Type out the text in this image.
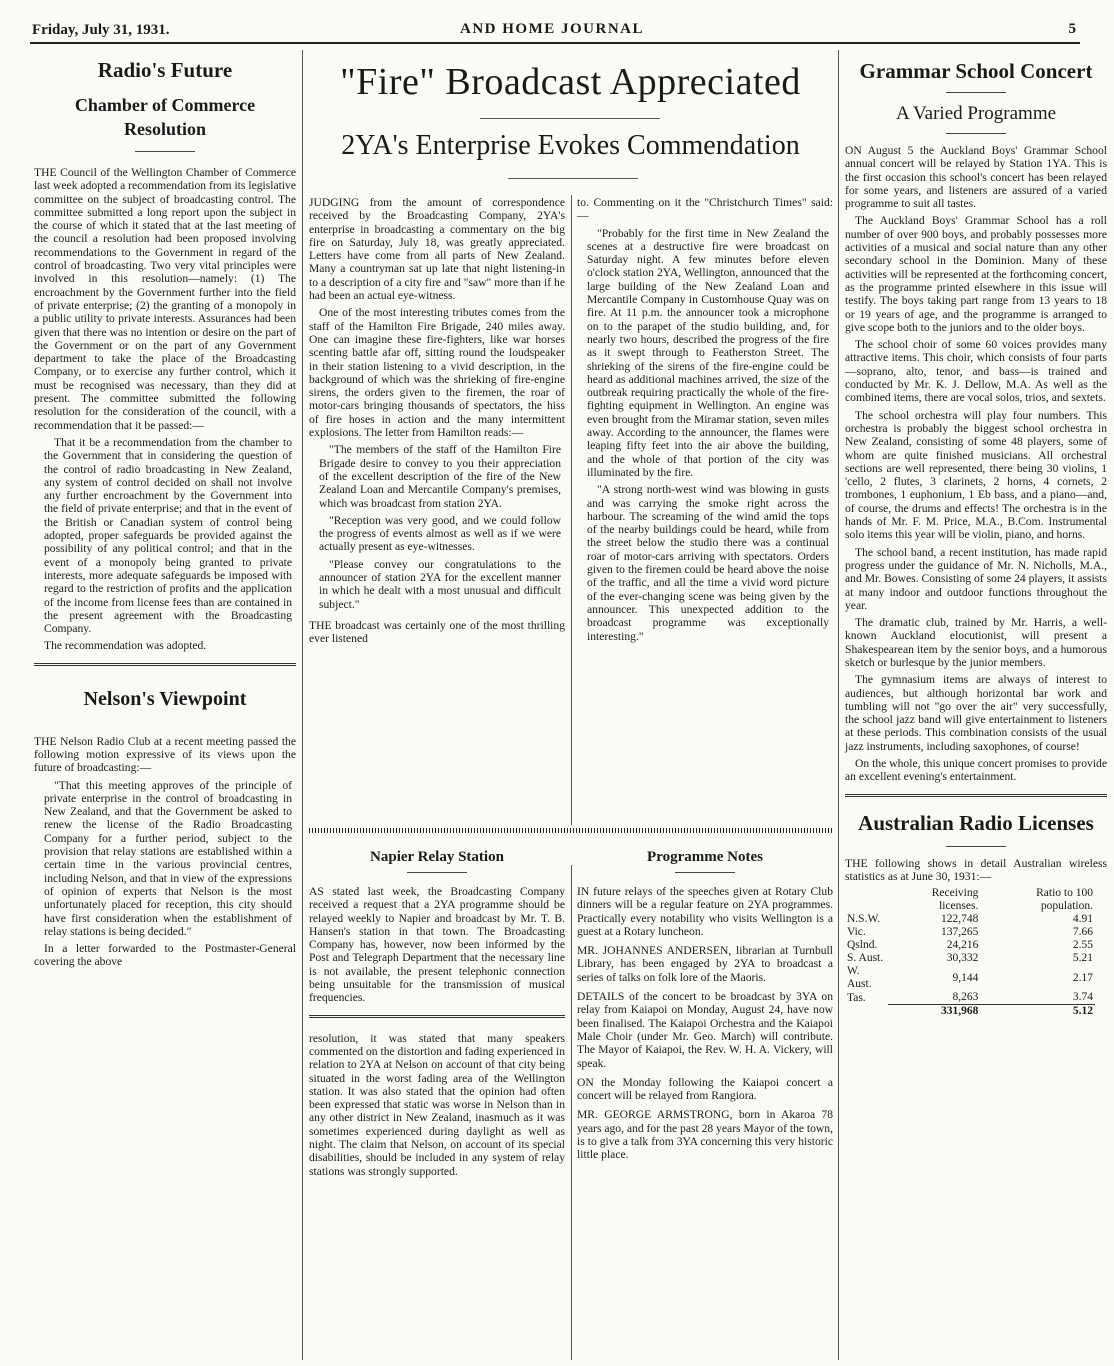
Friday, July 31, 1931.	AND HOME JOURNAL	5
Radio's Future
Chamber of Commerce Resolution

THE Council of the Wellington Chamber of Commerce last week adopted a recommendation from its legislative committee on the subject of broadcasting control. The committee submitted a long report upon the subject in the course of which it stated that at the last meeting of the council a resolution had been proposed involving recommendations to the Government in regard of the control of broadcasting. Two very vital principles were involved in this resolution—namely: (1) The encroachment by the Government further into the field of private enterprise; (2) the granting of a monopoly in a public utility to private interests. Assurances had been given that there was no intention or desire on the part of the Government or on the part of any Government department to take the place of the Broadcasting Company, or to exercise any further control, which it must be recognised was necessary, than they did at present. The committee submitted the following resolution for the consideration of the council, with a recommendation that it be passed:—

That it be a recommendation from the chamber to the Government that in considering the question of the control of radio broadcasting in New Zealand, any system of control decided on shall not involve any further encroachment by the Government into the field of private enterprise; and that in the event of the British or Canadian system of control being adopted, proper safeguards be provided against the possibility of any political control; and that in the event of a monopoly being granted to private interests, more adequate safeguards be imposed with regard to the restriction of profits and the application of the income from license fees than are contained in the present agreement with the Broadcasting Company.

The recommendation was adopted.

Nelson's Viewpoint

THE Nelson Radio Club at a recent meeting passed the following motion expressive of its views upon the future of broadcasting:—

"That this meeting approves of the principle of private enterprise in the control of broadcasting in New Zealand, and that the Government be asked to renew the license of the Radio Broadcasting Company for a further period, subject to the provision that relay stations are established within a certain time in the various provincial centres, including Nelson, and that in view of the expressions of opinion of experts that Nelson is the most unfortunately placed for reception, this city should have first consideration when the establishment of relay stations is being decided."

In a letter forwarded to the Postmaster-General covering the above

"Fire" Broadcast Appreciated
2YA's Enterprise Evokes Commendation

JUDGING from the amount of correspondence received by the Broadcasting Company, 2YA's enterprise in broadcasting a commentary on the big fire on Saturday, July 18, was greatly appreciated. Letters have come from all parts of New Zealand. Many a countryman sat up late that night listening-in to a description of a city fire and "saw" more than if he had been an actual eye-witness.

One of the most interesting tributes comes from the staff of the Hamilton Fire Brigade, 240 miles away. One can imagine these fire-fighters, like war horses scenting battle afar off, sitting round the loudspeaker in their station listening to a vivid description, in the background of which was the shrieking of fire-engine sirens, the orders given to the firemen, the roar of motor-cars bringing thousands of spectators, the hiss of fire hoses in action and the many intermittent explosions. The letter from Hamilton reads:—

"The members of the staff of the Hamilton Fire Brigade desire to convey to you their appreciation of the excellent description of the fire of the New Zealand Loan and Mercantile Company's premises, which was broadcast from station 2YA.

"Reception was very good, and we could follow the progress of events almost as well as if we were actually present as eye-witnesses.

"Please convey our congratulations to the announcer of station 2YA for the excellent manner in which he dealt with a most unusual and difficult subject."

THE broadcast was certainly one of the most thrilling ever listened

to. Commenting on it the "Christchurch Times" said:—

"Probably for the first time in New Zealand the scenes at a destructive fire were broadcast on Saturday night. A few minutes before eleven o'clock station 2YA, Wellington, announced that the large building of the New Zealand Loan and Mercantile Company in Customhouse Quay was on fire. At 11 p.m. the announcer took a microphone on to the parapet of the studio building, and, for nearly two hours, described the progress of the fire as it swept through to Featherston Street. The shrieking of the sirens of the fire-engine could be heard as additional machines arrived, the size of the outbreak requiring practically the whole of the fire-fighting equipment in Wellington. An engine was even brought from the Miramar station, seven miles away. According to the announcer, the flames were leaping fifty feet into the air above the building, and the whole of that portion of the city was illuminated by the fire.

"A strong north-west wind was blowing in gusts and was carrying the smoke right across the harbour. The screaming of the wind amid the tops of the nearby buildings could be heard, while from the street below the studio there was a continual roar of motor-cars arriving with spectators. Orders given to the firemen could be heard above the noise of the traffic, and all the time a vivid word picture of the ever-changing scene was being given by the announcer. This unexpected addition to the broadcast programme was exceptionally interesting."

Napier Relay Station

AS stated last week, the Broadcasting Company received a request that a 2YA programme should be relayed weekly to Napier and broadcast by Mr. T. B. Hansen's station in that town. The Broadcasting Company has, however, now been informed by the Post and Telegraph Department that the necessary line is not available, the present telephonic connection being unsuitable for the transmission of musical frequencies.

resolution, it was stated that many speakers commented on the distortion and fading experienced in relation to 2YA at Nelson on account of that city being situated in the worst fading area of the Wellington station. It was also stated that the opinion had often been expressed that static was worse in Nelson than in any other district in New Zealand, inasmuch as it was sometimes experienced during daylight as well as night. The claim that Nelson, on account of its special disabilities, should be included in any system of relay stations was strongly supported.

Programme Notes

IN future relays of the speeches given at Rotary Club dinners will be a regular feature on 2YA programmes. Practically every notability who visits Wellington is a guest at a Rotary luncheon.

MR. JOHANNES ANDERSEN, librarian at Turnbull Library, has been engaged by 2YA to broadcast a series of talks on folk lore of the Maoris.

DETAILS of the concert to be broadcast by 3YA on relay from Kaiapoi on Monday, August 24, have now been finalised. The Kaiapoi Orchestra and the Kaiapoi Male Choir (under Mr. Geo. March) will contribute. The Mayor of Kaiapoi, the Rev. W. H. A. Vickery, will speak.

ON the Monday following the Kaiapoi concert a concert will be relayed from Rangiora.

MR. GEORGE ARMSTRONG, born in Akaroa 78 years ago, and for the past 28 years Mayor of the town, is to give a talk from 3YA concerning this very historic little place.

Grammar School Concert
A Varied Programme

ON August 5 the Auckland Boys' Grammar School annual concert will be relayed by Station 1YA. This is the first occasion this school's concert has been relayed for some years, and listeners are assured of a varied programme to suit all tastes.

The Auckland Boys' Grammar School has a roll number of over 900 boys, and probably possesses more activities of a musical and social nature than any other secondary school in the Dominion. Many of these activities will be represented at the forthcoming concert, as the programme printed elsewhere in this issue will testify. The boys taking part range from 13 years to 18 or 19 years of age, and the programme is arranged to give scope both to the juniors and to the older boys.

The school choir of some 60 voices provides many attractive items. This choir, which consists of four parts—soprano, alto, tenor, and bass—is trained and conducted by Mr. K. J. Dellow, M.A. As well as the combined items, there are vocal solos, trios, and sextets.

The school orchestra will play four numbers. This orchestra is probably the biggest school orchestra in New Zealand, consisting of some 48 players, some of whom are quite finished musicians. All orchestral sections are well represented, there being 30 violins, 1 'cello, 2 flutes, 3 clarinets, 2 horns, 4 cornets, 2 trombones, 1 euphonium, 1 Eb bass, and a piano—and, of course, the drums and effects! The orchestra is in the hands of Mr. F. M. Price, M.A., B.Com. Instrumental solo items this year will be violin, piano, and horns.

The school band, a recent institution, has made rapid progress under the guidance of Mr. N. Nicholls, M.A., and Mr. Bowes. Consisting of some 24 players, it assists at many indoor and outdoor functions throughout the year.

The dramatic club, trained by Mr. Harris, a well-known Auckland elocutionist, will present a Shakespearean item by the senior boys, and a humorous sketch or burlesque by the junior members.

The gymnasium items are always of interest to audiences, but although horizontal bar work and tumbling will not "go over the air" very successfully, the school jazz band will give entertainment to listeners at these periods. This combination consists of the usual jazz instruments, including saxophones, of course!

On the whole, this unique concert promises to provide an excellent evening's entertainment.

Australian Radio Licenses

THE following shows in detail Australian wireless statistics as at June 30, 1931:—

	Receiving licenses.	Ratio to 100 population.
N.S.W.	122,748	4.91
Vic.	137,265	7.66
Qslnd.	24,216	2.55
S. Aust.	30,332	5.21
W. Aust.	9,144	2.17
Tas.	8,263	3.74
	331,968	5.12
